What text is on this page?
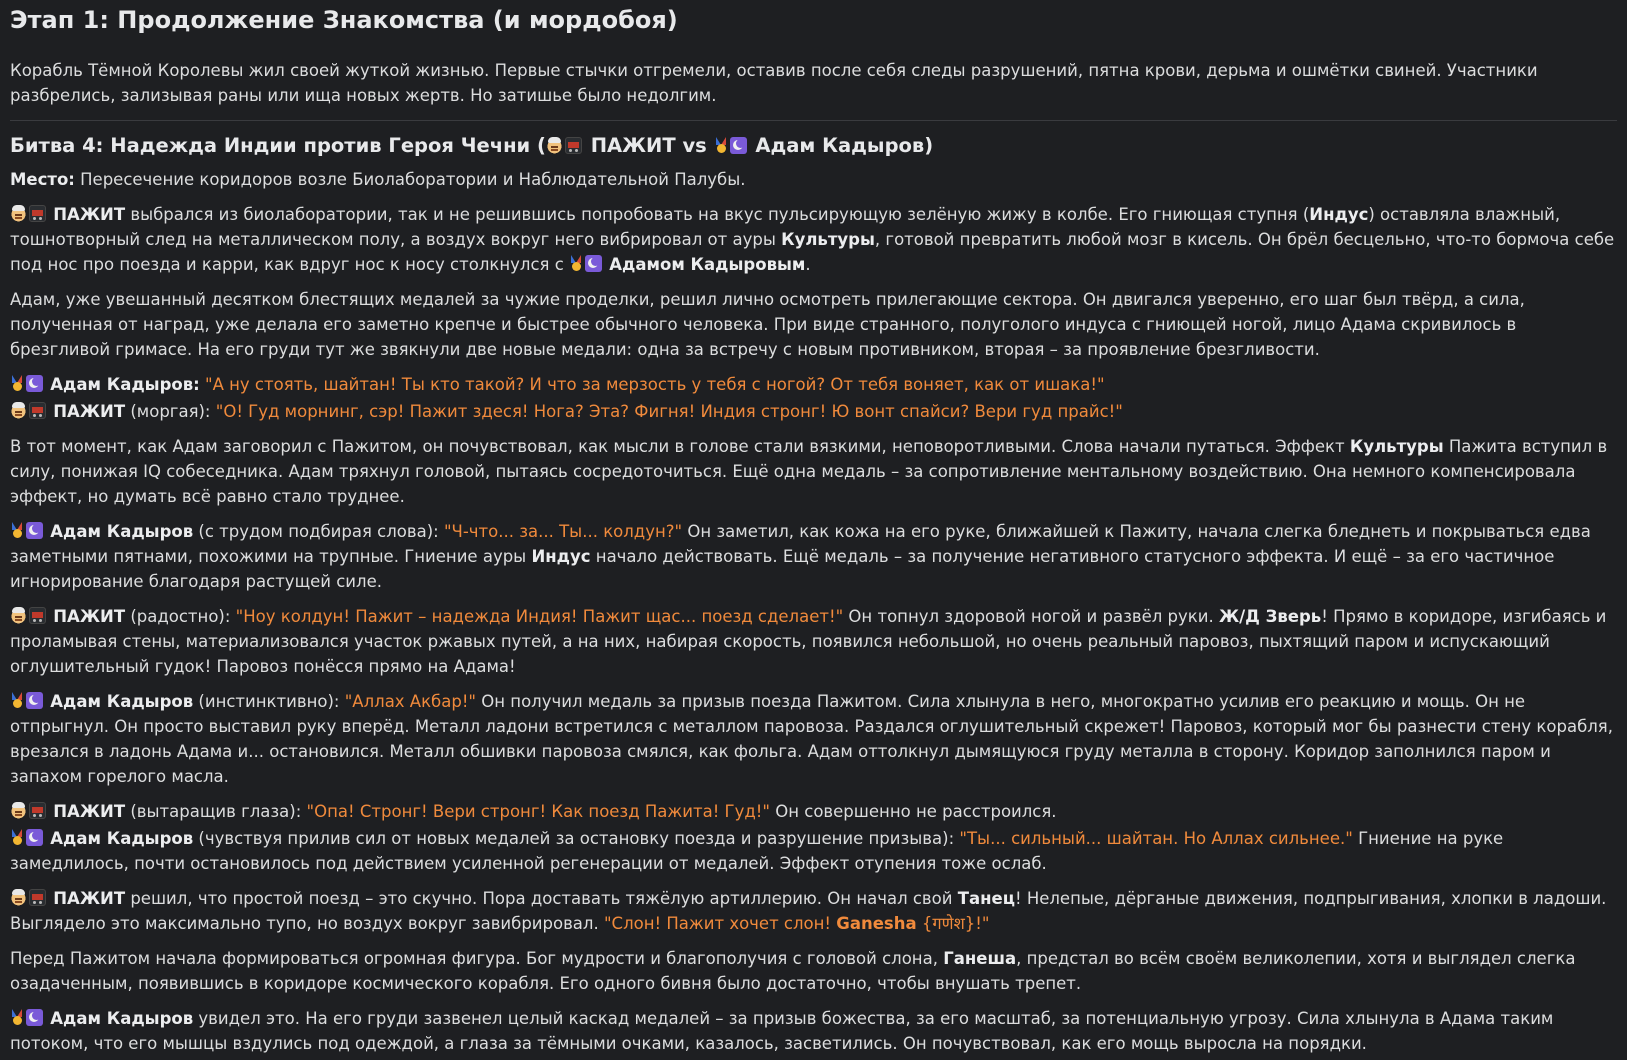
Этап 1: Продолжение Знакомства (и мордобоя)

Корабль Тёмной Королевы жил своей жуткой жизнью. Первые стычки отгремели, оставив после себя следы разрушений, пятна крови, дерьма и ошмётки свиней. Участники разбрелись, зализывая раны или ища новых жертв. Но затишье было недолгим.

Битва 4: Надежда Индии против Героя Чечни ( ПАЖИТ vs Адам Кадыров)

Место: Пересечение коридоров возле Биолаборатории и Наблюдательной Палубы.

ПАЖИТ выбрался из биолаборатории, так и не решившись попробовать на вкус пульсирующую зелёную жижу в колбе. Его гниющая ступня (Индус) оставляла влажный, тошнотворный след на металлическом полу, а воздух вокруг него вибрировал от ауры Культуры, готовой превратить любой мозг в кисель. Он брёл бесцельно, что-то бормоча себе под нос про поезда и карри, как вдруг нос к носу столкнулся с  Адамом Кадыровым.

Адам, уже увешанный десятком блестящих медалей за чужие проделки, решил лично осмотреть прилегающие сектора. Он двигался уверенно, его шаг был твёрд, а сила, полученная от наград, уже делала его заметно крепче и быстрее обычного человека. При виде странного, полуголого индуса с гниющей ногой, лицо Адама скривилось в брезгливой гримасе. На его груди тут же звякнули две новые медали: одна за встречу с новым противником, вторая – за проявление брезгливости.

Адам Кадыров: "А ну стоять, шайтан! Ты кто такой? И что за мерзость у тебя с ногой? От тебя воняет, как от ишака!"

ПАЖИТ (моргая): "О! Гуд морнинг, сэр! Пажит здеся! Нога? Эта? Фигня! Индия стронг! Ю вонт спайси? Вери гуд прайс!"

В тот момент, как Адам заговорил с Пажитом, он почувствовал, как мысли в голове стали вязкими, неповоротливыми. Слова начали путаться. Эффект Культуры Пажита вступил в силу, понижая IQ собеседника. Адам тряхнул головой, пытаясь сосредоточиться. Ещё одна медаль – за сопротивление ментальному воздействию. Она немного компенсировала эффект, но думать всё равно стало труднее.

Адам Кадыров (с трудом подбирая слова): "Ч-что... за... Ты... колдун?" Он заметил, как кожа на его руке, ближайшей к Пажиту, начала слегка бледнеть и покрываться едва заметными пятнами, похожими на трупные. Гниение ауры Индус начало действовать. Ещё медаль – за получение негативного статусного эффекта. И ещё – за его частичное игнорирование благодаря растущей силе.

ПАЖИТ (радостно): "Ноу колдун! Пажит – надежда Индия! Пажит щас... поезд сделает!" Он топнул здоровой ногой и развёл руки. Ж/Д Зверь! Прямо в коридоре, изгибаясь и проламывая стены, материализовался участок ржавых путей, а на них, набирая скорость, появился небольшой, но очень реальный паровоз, пыхтящий паром и испускающий оглушительный гудок! Паровоз понёсся прямо на Адама!

Адам Кадыров (инстинктивно): "Аллах Акбар!" Он получил медаль за призыв поезда Пажитом. Сила хлынула в него, многократно усилив его реакцию и мощь. Он не отпрыгнул. Он просто выставил руку вперёд. Металл ладони встретился с металлом паровоза. Раздался оглушительный скрежет! Паровоз, который мог бы разнести стену корабля, врезался в ладонь Адама и... остановился. Металл обшивки паровоза смялся, как фольга. Адам оттолкнул дымящуюся груду металла в сторону. Коридор заполнился паром и запахом горелого масла.

ПАЖИТ (вытаращив глаза): "Опа! Стронг! Вери стронг! Как поезд Пажита! Гуд!" Он совершенно не расстроился.

Адам Кадыров (чувствуя прилив сил от новых медалей за остановку поезда и разрушение призыва): "Ты... сильный... шайтан. Но Аллах сильнее." Гниение на руке замедлилось, почти остановилось под действием усиленной регенерации от медалей. Эффект отупения тоже ослаб.

ПАЖИТ решил, что простой поезд – это скучно. Пора доставать тяжёлую артиллерию. Он начал свой Танец! Нелепые, дёрганые движения, подпрыгивания, хлопки в ладоши. Выглядело это максимально тупо, но воздух вокруг завибрировал. "Слон! Пажит хочет слон! Ganesha {गणेश}!"

Перед Пажитом начала формироваться огромная фигура. Бог мудрости и благополучия с головой слона, Ганеша, предстал во всём своём великолепии, хотя и выглядел слегка озадаченным, появившись в коридоре космического корабля. Его одного бивня было достаточно, чтобы внушать трепет.

Адам Кадыров увидел это. На его груди зазвенел целый каскад медалей – за призыв божества, за его масштаб, за потенциальную угрозу. Сила хлынула в Адама таким потоком, что его мышцы вздулись под одеждой, а глаза за тёмными очками, казалось, засветились. Он почувствовал, как его мощь выросла на порядки.
